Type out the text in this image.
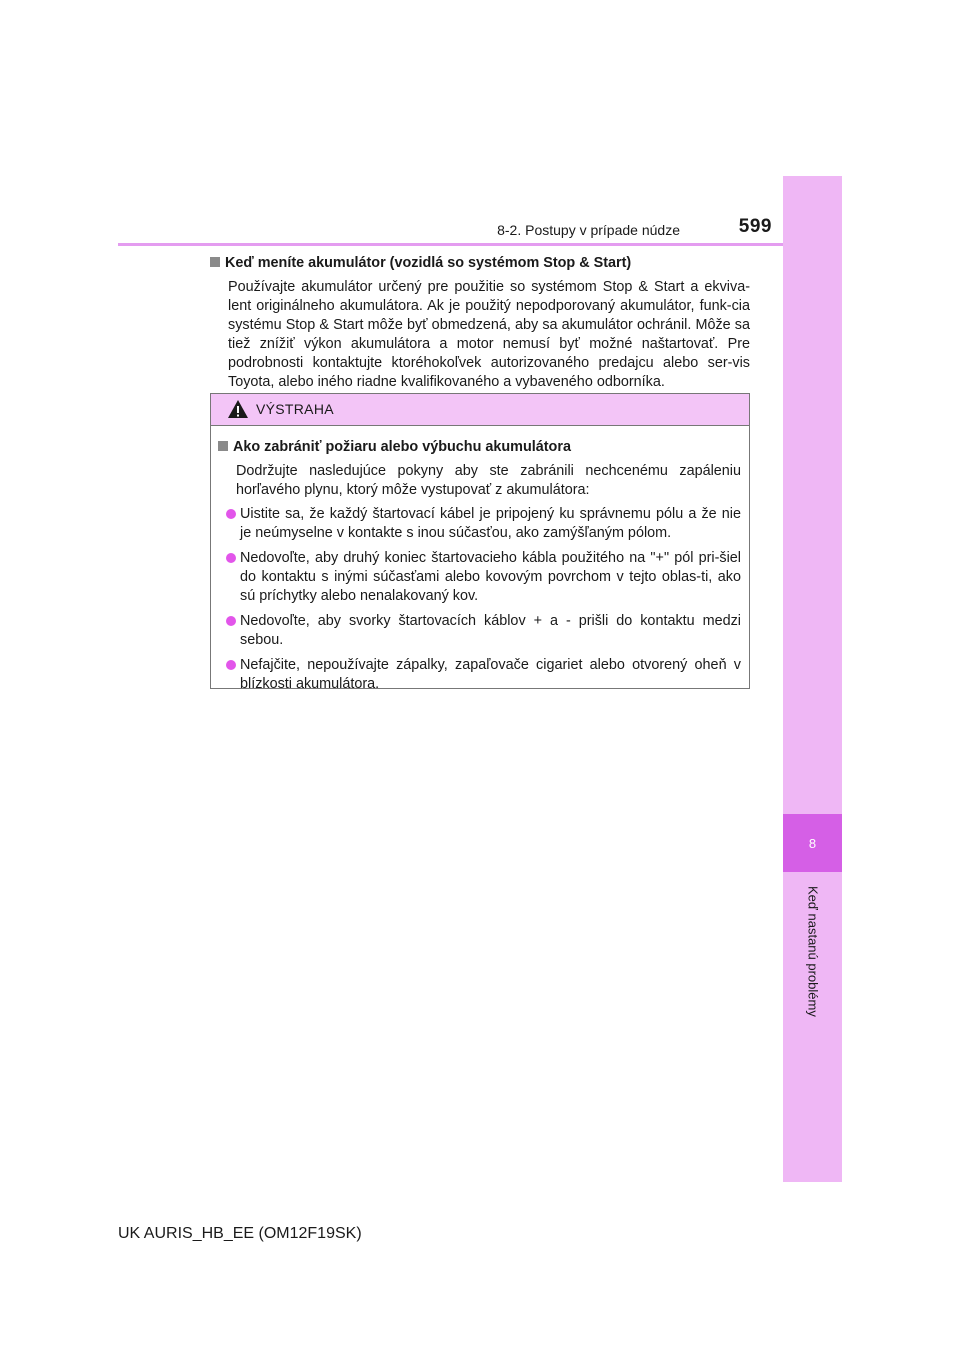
8
Keď nastanú problémy
8-2. Postupy v prípade núdze	599
Keď meníte akumulátor (vozidlá so systémom Stop & Start)
Používajte akumulátor určený pre použitie so systémom Stop & Start a ekviva-lent originálneho akumulátora. Ak je použitý nepodporovaný akumulátor, funk-cia systému Stop & Start môže byť obmedzená, aby sa akumulátor ochránil. Môže sa tiež znížiť výkon akumulátora a motor nemusí byť možné naštartovať. Pre podrobnosti kontaktujte ktoréhokoľvek autorizovaného predajcu alebo ser-vis Toyota, alebo iného riadne kvalifikovaného a vybaveného odborníka.
VÝSTRAHA
Ako zabrániť požiaru alebo výbuchu akumulátora
Dodržujte nasledujúce pokyny aby ste zabránili nechcenému zapáleniu horľavého plynu, ktorý môže vystupovať z akumulátora:
Uistite sa, že každý štartovací kábel je pripojený ku správnemu pólu a že nie je neúmyselne v kontakte s inou súčasťou, ako zamýšľaným pólom.
Nedovoľte, aby druhý koniec štartovacieho kábla použitého na "+" pól pri-šiel do kontaktu s inými súčasťami alebo kovovým povrchom v tejto oblas-ti, ako sú príchytky alebo nenalakovaný kov.
Nedovoľte, aby svorky štartovacích káblov + a - prišli do kontaktu medzi sebou.
Nefajčite, nepoužívajte zápalky, zapaľovače cigariet alebo otvorený oheň v blízkosti akumulátora.
UK AURIS_HB_EE (OM12F19SK)
